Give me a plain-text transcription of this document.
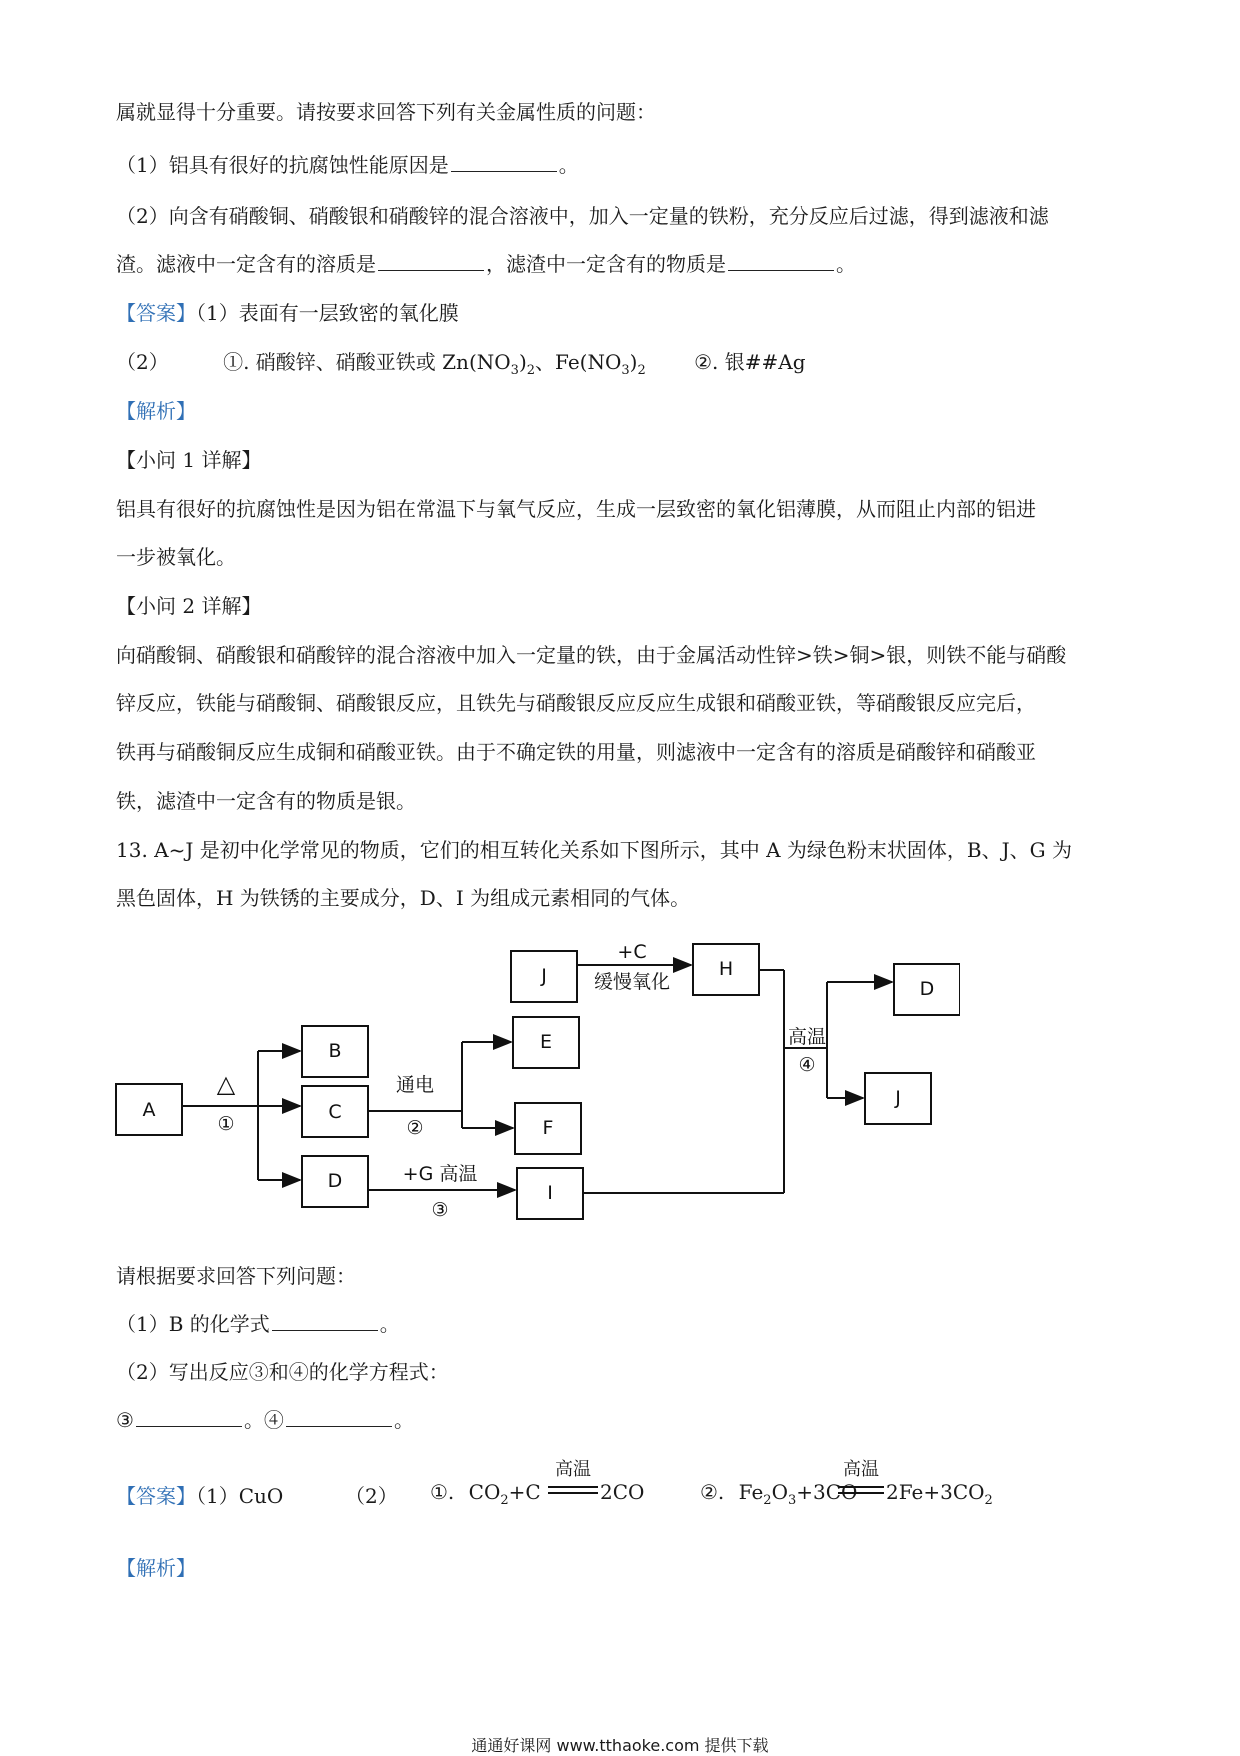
属就显得十分重要。请按要求回答下列有关金属性质的问题：
（1）铝具有很好的抗腐蚀性能原因是	。
（2）向含有硝酸铜、硝酸银和硝酸锌的混合溶液中，加入一定量的铁粉，充分反应后过滤，得到滤液和滤
渣。滤液中一定含有的溶质是	，滤渣中一定含有的物质是	。
【答案】（1）表面有一层致密的氧化膜
（2）	①. 硝酸锌、硝酸亚铁或 $Zn(NO_3)_2$、$Fe(NO_3)_2$ ②. 银##Ag
【解析】
【小问 1 详解】
铝具有很好的抗腐蚀性是因为铝在常温下与氧气反应，生成一层致密的氧化铝薄膜，从而阻止内部的铝进
一步被氧化。
【小问 2 详解】
向硝酸铜、硝酸银和硝酸锌的混合溶液中加入一定量的铁，由于金属活动性锌>铁>铜>银，则铁不能与硝酸
锌反应，铁能与硝酸铜、硝酸银反应，且铁先与硝酸银反应反应生成银和硝酸亚铁，等硝酸银反应完后，
铁再与硝酸铜反应生成铜和硝酸亚铁。由于不确定铁的用量，则滤液中一定含有的溶质是硝酸锌和硝酸亚
铁，滤渣中一定含有的物质是银。
13. A~J 是初中化学常见的物质，它们的相互转化关系如下图所示，其中 A 为绿色粉末状固体，B、J、G 为
黑色固体，H 为铁锈的主要成分，D、I 为组成元素相同的气体。
A
B
C
D
E
F
I
J	H
D
J
△
①
通电
②
+G 高温
③
+C
缓慢氧化
高温
④
请根据要求回答下列问题：
（1）B 的化学式	。
（2）写出反应③和④的化学方程式：
③	。④	。
【答案】（1）CuO	（2） ①. $CO_2+C$
高温
2CO	②. $Fe_2O_3+3CO$
高温
$2Fe+3CO_2$
【解析】
通通好课网 www.tthaoke.com 提供下载
